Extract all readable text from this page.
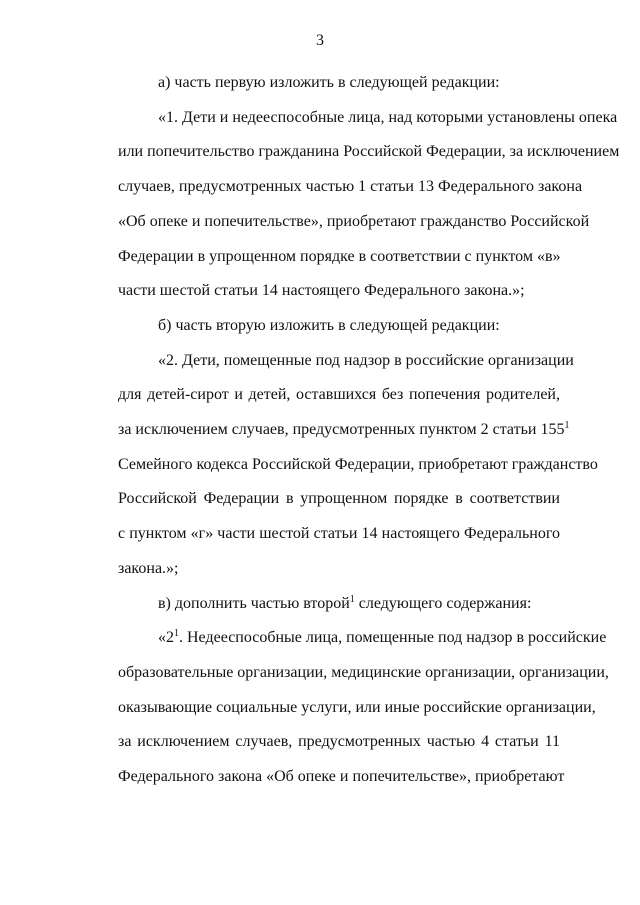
3
а) часть первую изложить в следующей редакции:
«1. Дети и недееспособные лица, над которыми установлены опека
или попечительство гражданина Российской Федерации, за исключением
случаев, предусмотренных частью 1 статьи 13 Федерального закона
«Об опеке и попечительстве», приобретают гражданство Российской
Федерации в упрощенном порядке в соответствии с пунктом «в»
части шестой статьи 14 настоящего Федерального закона.»;
б) часть вторую изложить в следующей редакции:
«2. Дети, помещенные под надзор в российские организации
для детей-сирот и детей, оставшихся без попечения родителей,
за исключением случаев, предусмотренных пунктом 2 статьи $155^1$
Семейного кодекса Российской Федерации, приобретают гражданство
Российской Федерации в упрощенном порядке в соответствии
с пунктом «г» части шестой статьи 14 настоящего Федерального
закона.»;
в) дополнить частью второй$^1$ следующего содержания:
«$2^1$. Недееспособные лица, помещенные под надзор в российские
образовательные организации, медицинские организации, организации,
оказывающие социальные услуги, или иные российские организации,
за исключением случаев, предусмотренных частью 4 статьи 11
Федерального закона «Об опеке и попечительстве», приобретают
